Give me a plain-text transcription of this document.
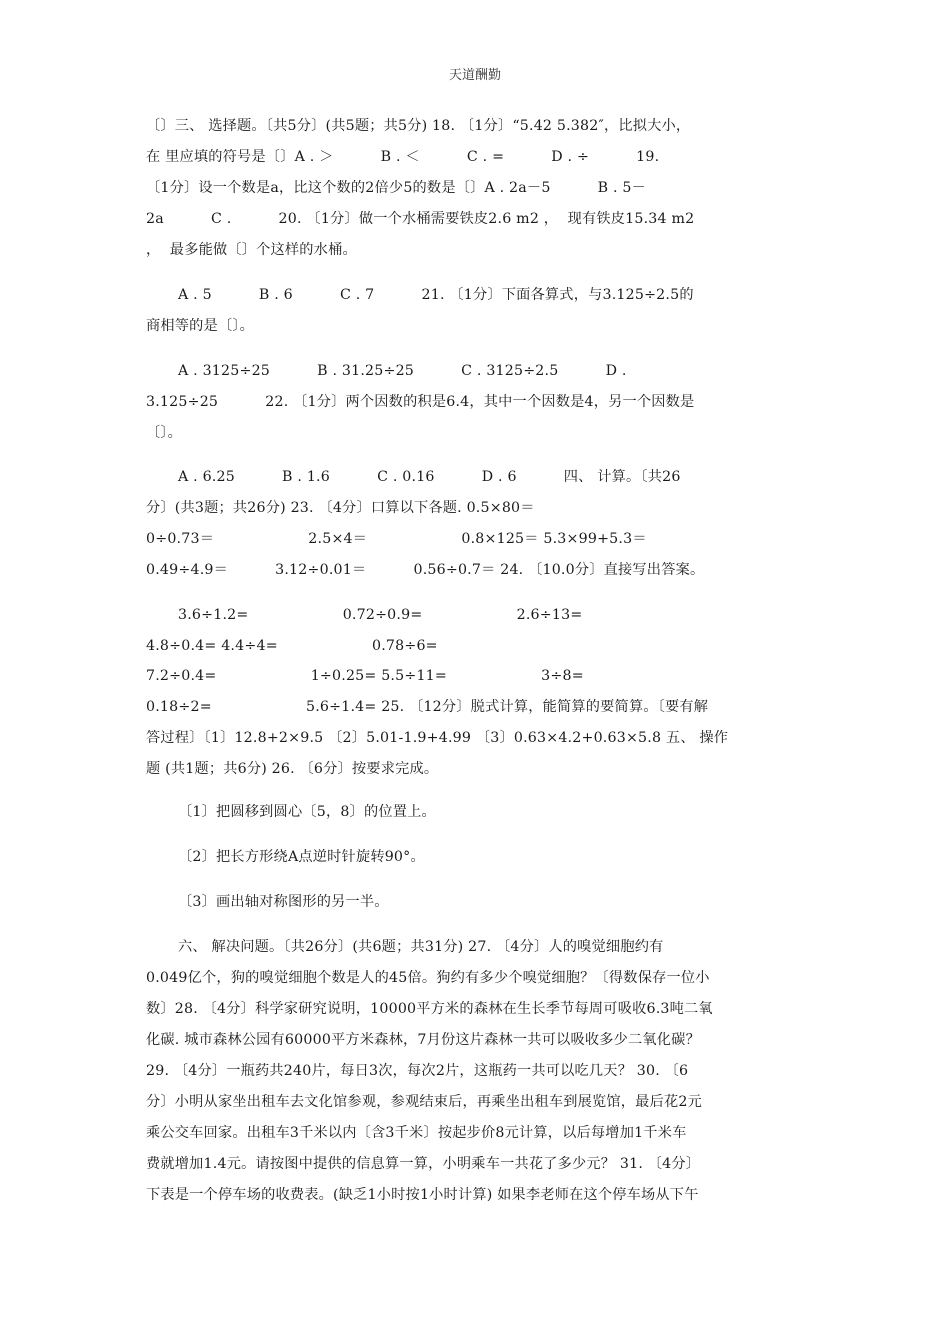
天道酬勤
〔〕三、 选择题。〔共5分〕(共5题；共5分) 18. 〔1分〕“5.42 5.382″，比拟大小，
在 里应填的符号是〔〕A . ＞          B . ＜          C . =          D . ÷          19.
〔1分〕设一个数是a，比这个数的2倍少5的数是〔〕A . 2a－5          B . 5－
2a          C .          20. 〔1分〕做一个水桶需要铁皮2.6 m2 ，  现有铁皮15.34 m2
，  最多能做〔〕个这样的水桶。
A . 5          B . 6          C . 7          21. 〔1分〕下面各算式，与3.125÷2.5的
商相等的是〔〕。
A . 3125÷25          B . 31.25÷25          C . 3125÷2.5          D .
3.125÷25          22. 〔1分〕两个因数的积是6.4，其中一个因数是4，另一个因数是
〔〕。
A . 6.25          B . 1.6          C . 0.16          D . 6          四、 计算。〔共26
分〕(共3题；共26分) 23. 〔4分〕口算以下各题. 0.5×80＝
0÷0.73＝                    2.5×4＝                    0.8×125＝ 5.3×99+5.3＝
0.49÷4.9＝          3.12÷0.01＝          0.56÷0.7＝ 24. 〔10.0分〕直接写出答案。
3.6÷1.2=                    0.72÷0.9=                    2.6÷13=
4.8÷0.4= 4.4÷4=                    0.78÷6=
7.2÷0.4=                    1÷0.25= 5.5÷11=                    3÷8=
0.18÷2=                    5.6÷1.4= 25. 〔12分〕脱式计算，能简算的要简算。〔要有解
答过程〕〔1〕12.8+2×9.5 〔2〕5.01-1.9+4.99 〔3〕0.63×4.2+0.63×5.8 五、 操作
题 (共1题；共6分) 26. 〔6分〕按要求完成。
〔1〕把圆移到圆心〔5，8〕的位置上。
〔2〕把长方形绕A点逆时针旋转90°。
〔3〕画出轴对称图形的另一半。
六、 解决问题。〔共26分〕(共6题；共31分) 27. 〔4分〕人的嗅觉细胞约有
0.049亿个，狗的嗅觉细胞个数是人的45倍。狗约有多少个嗅觉细胞？〔得数保存一位小
数〕28. 〔4分〕科学家研究说明，10000平方米的森林在生长季节每周可吸收6.3吨二氧
化碳. 城市森林公园有60000平方米森林，7月份这片森林一共可以吸收多少二氧化碳？
29. 〔4分〕一瓶药共240片，每日3次，每次2片，这瓶药一共可以吃几天？ 30. 〔6
分〕小明从家坐出租车去文化馆参观，参观结束后，再乘坐出租车到展览馆，最后花2元
乘公交车回家。出租车3千米以内〔含3千米〕按起步价8元计算，以后每增加1千米车
费就增加1.4元。请按图中提供的信息算一算，小明乘车一共花了多少元？ 31. 〔4分〕
下表是一个停车场的收费表。(缺乏1小时按1小时计算) 如果李老师在这个停车场从下午
